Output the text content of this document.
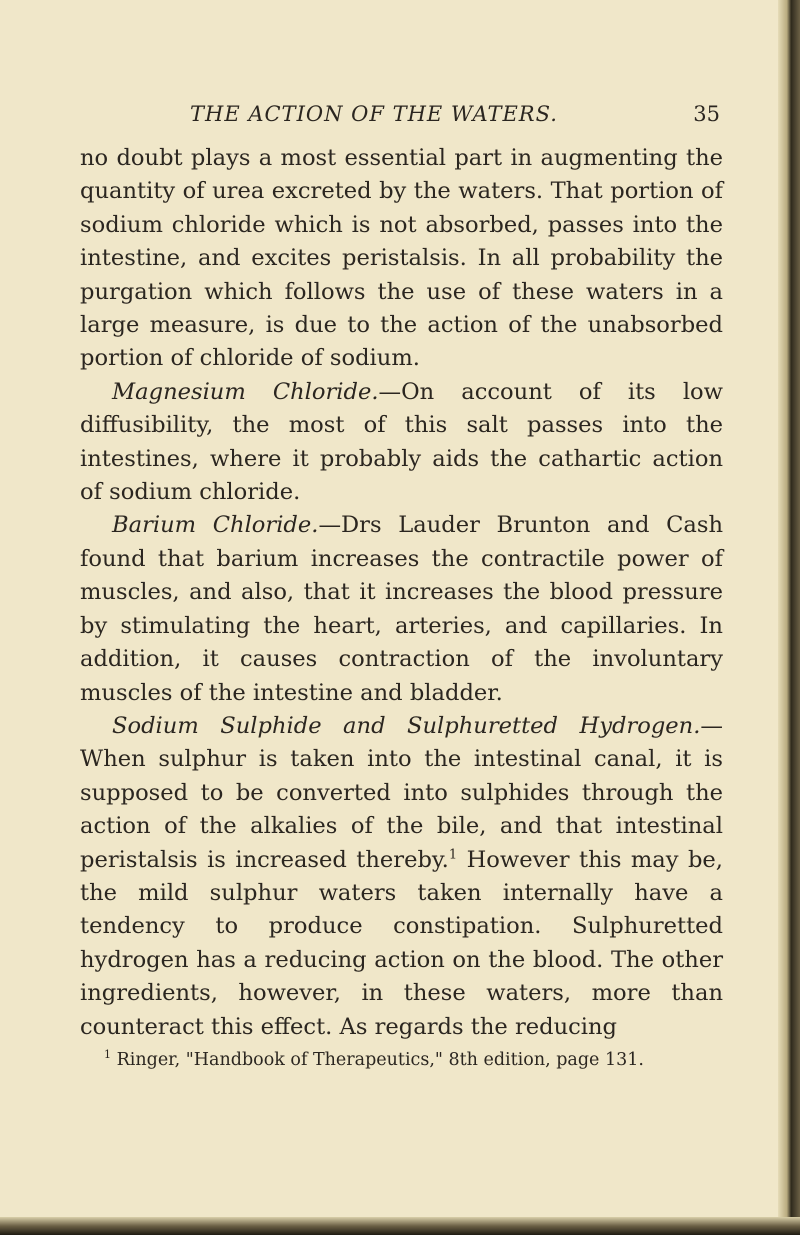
THE ACTION OF THE WATERS.	35

no doubt plays a most essential part in augmenting the quantity of urea excreted by the waters. That portion of sodium chloride which is not absorbed, passes into the intestine, and excites peristalsis. In all probability the purgation which follows the use of these waters in a large measure, is due to the action of the unabsorbed portion of chloride of sodium.

Magnesium Chloride.—On account of its low diffusibility, the most of this salt passes into the intestines, where it probably aids the cathartic action of sodium chloride.

Barium Chloride.—Drs Lauder Brunton and Cash found that barium increases the contractile power of muscles, and also, that it increases the blood pressure by stimulating the heart, arteries, and capillaries. In addition, it causes contraction of the involuntary muscles of the intestine and bladder.

Sodium Sulphide and Sulphuretted Hydrogen.—When sulphur is taken into the intestinal canal, it is supposed to be converted into sulphides through the action of the alkalies of the bile, and that intestinal peristalsis is increased thereby.$^1$ However this may be, the mild sulphur waters taken internally have a tendency to produce constipation. Sulphuretted hydrogen has a reducing action on the blood. The other ingredients, however, in these waters, more than counteract this effect. As regards the reducing

$^1$ Ringer, "Handbook of Therapeutics," 8th edition, page 131.
